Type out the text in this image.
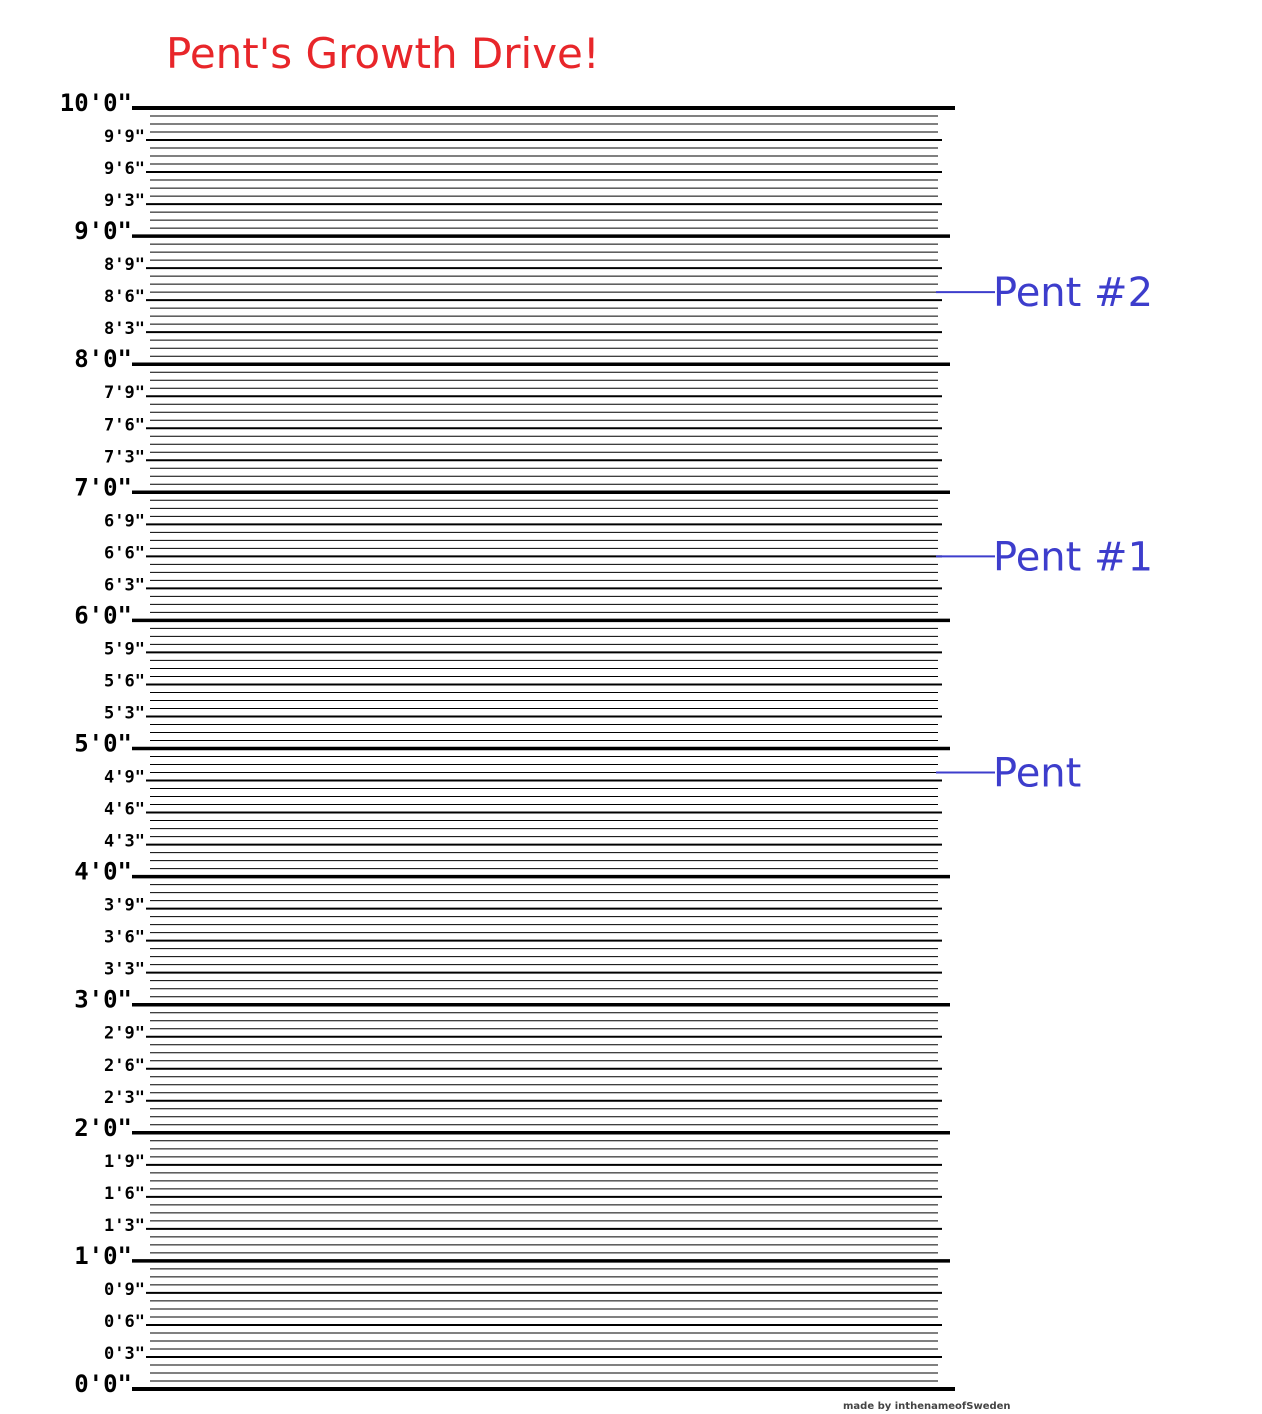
Pent's Growth Drive!
10'0"
9'9"
9'6"
9'3"
9'0"
8'9"
8'6"
8'3"
8'0"
7'9"
7'6"
7'3"
7'0"
6'9"
6'6"
6'3"
6'0"
5'9"
5'6"
5'3"
5'0"
4'9"
4'6"
4'3"
4'0"
3'9"
3'6"
3'3"
3'0"
2'9"
2'6"
2'3"
2'0"
1'9"
1'6"
1'3"
1'0"
0'9"
0'6"
0'3"
0'0"
Pent
Pent #1
Pent #2
made by inthenameofSweden
